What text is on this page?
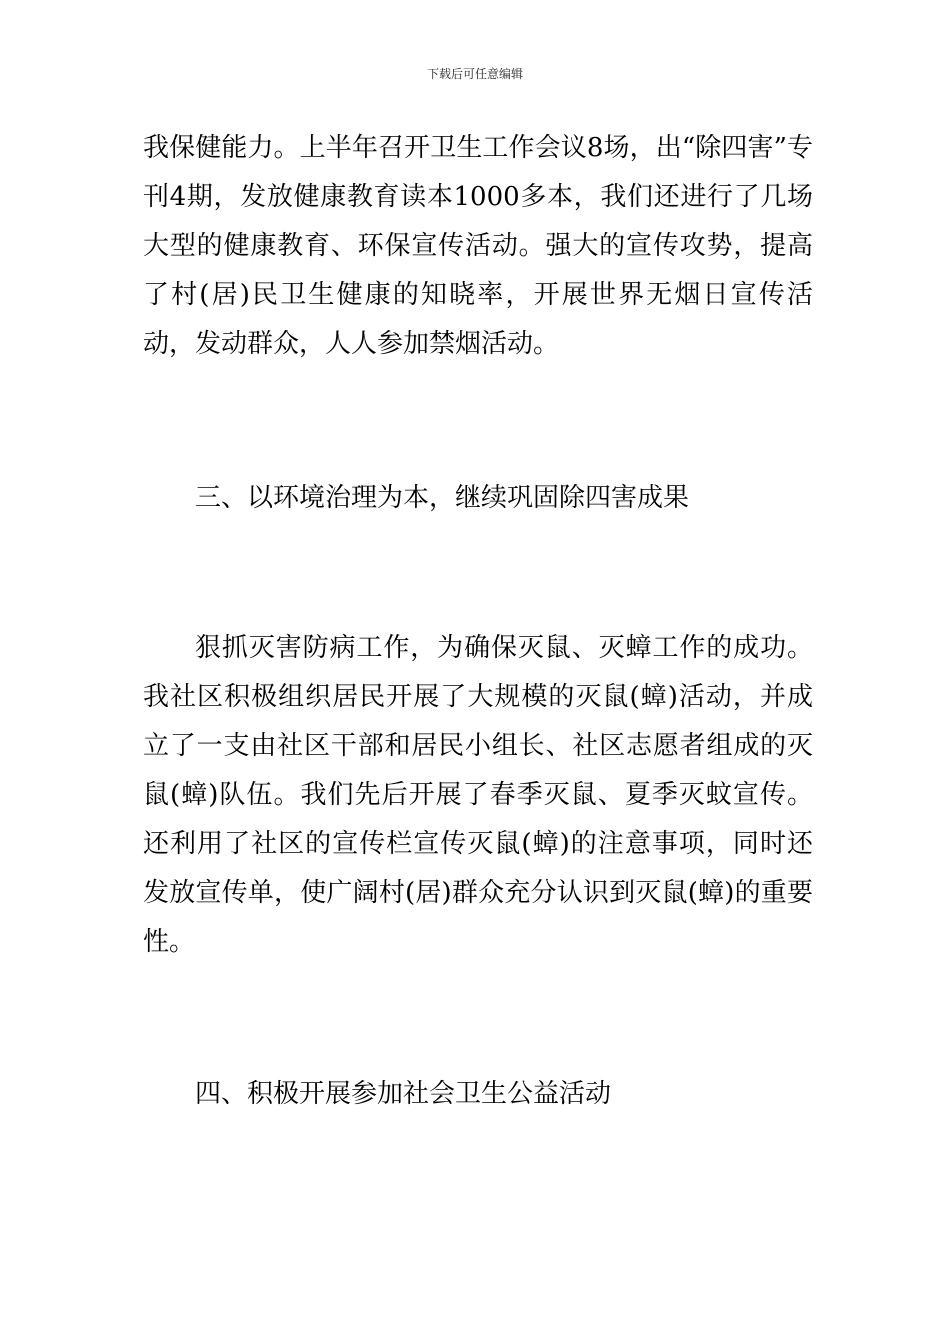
下载后可任意编辑

我保健能力。上半年召开卫生工作会议8场，出“除四害”专刊4期，发放健康教育读本1000多本，我们还进行了几场大型的健康教育、环保宣传活动。强大的宣传攻势，提高了村(居)民卫生健康的知晓率，开展世界无烟日宣传活动，发动群众，人人参加禁烟活动。

三、以环境治理为本，继续巩固除四害成果

狠抓灭害防病工作，为确保灭鼠、灭蟑工作的成功。我社区积极组织居民开展了大规模的灭鼠(蟑)活动，并成立了一支由社区干部和居民小组长、社区志愿者组成的灭鼠(蟑)队伍。我们先后开展了春季灭鼠、夏季灭蚊宣传。还利用了社区的宣传栏宣传灭鼠(蟑)的注意事项，同时还发放宣传单，使广阔村(居)群众充分认识到灭鼠(蟑)的重要性。

四、积极开展参加社会卫生公益活动
